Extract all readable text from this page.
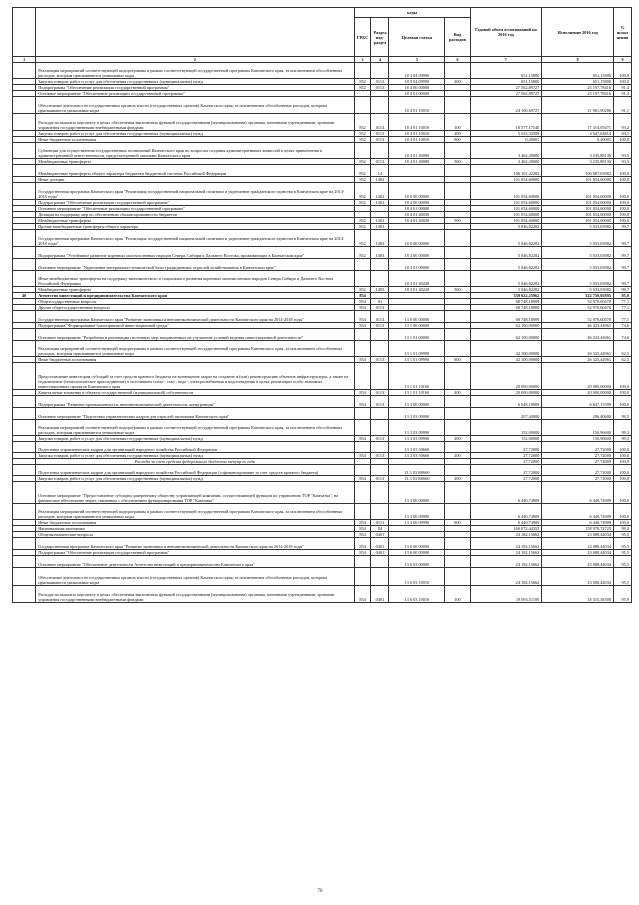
		коды				Годовой объем ассигнований на 2016 год	Исполнение 2016 год	% испол нения
		ГРБС	Раздел, под-раздел	Целевая статья	Вид расходов			
1	2	3	4	5	6	7	8	9
	Реализация мероприятий соответствующей подпрограммы в рамках соответствующей государственной программы Камчатского края, за исключением обособленных расходов, которым присваиваются уникальные коды			18 3 04 09990		651,15800	651,15800	100,0
	Закупка товаров, работ и услуг для обеспечения государственных (муниципальных) нужд	852	0113	18 3 04 09990	200	651,15800	651,15800	100,0
	Подпрограмма "Обеспечение реализации государственной программы"	852	0113	18 4 00 00000		27 562,89727	25 197,78416	91,4
	Основное мероприятие "Обеспечение реализации государственной программы"			18 4 01 00000		27 562,89727	25 197,78416	91,4
	Обеспечение деятельности государственных органов власти (государственных органов) Камчатского края, за исключением обособленных расходов, которым присваиваются уникальные коды			18 4 01 10010		24 100,69727	21 961,90286	91,1
	Расходы на выплаты персоналу в целях обеспечения выполнения функций государственными (муниципальными) органами, казенными учреждениями, органами управления государственными внебюджетными фондами	852	0113	18 4 01 10010	100	18 577,17140	17 314,05471	93,2
	Закупка товаров, работ и услуг для обеспечения государственных (муниципальных) нужд	852	0113	18 4 01 10010	200	5 523,32586	4 647,64814	84,1
	Иные бюджетные ассигнования	852	0113	18 4 01 10010	800	0,20001	0,20001	100,0
	Субвенции для осуществления государственных полномочий Камчатского края по вопросам создания административных комиссий в целях привлечения к административной ответственности, предусмотренной законами Камчатского края			18 4 01 40080		3 462,20000	3 235,88130	93,5
	Межбюджетные трансферты	852	0113	18 4 01 40080	500	3 462,20000	3 235,88130	93,5
	Межбюджетные трансферты общего характера бюджетам бюджетной системы Российской Федерации	852	14			106 101,42282	106 087,03982	100,0
	Иные дотации	852	1402			101 054,60000	101 054,60000	100,0
	Государственная программа Камчатского края "Реализация государственной национальной политики и укрепление гражданского единства в Камчатском крае на 2014-2018 годы"	852	1402	18 0 00 00000		101 054,60000	101 054,60000	100,0
	Подпрограмма "Обеспечение реализации государственной программы"	852	1402	18 4 00 00000		101 054,60000	101 054,60000	100,0
	Основное мероприятие "Обеспечение реализации государственной программы"			18 4 01 00000		101 054,60000	101 054,60000	100,0
	Дотации на поддержку мер по обеспечению сбалансированности бюджетов			18 4 01 40030		101 054,60000	101 054,60000	100,0
	Межбюджетные трансферты	852	1402	18 4 01 40030	500	101 054,60000	101 054,60000	100,0
	Прочие межбюджетные трансферты общего характера	852	1403			5 046,82282	5 033,03982	99,7
	Государственная программа Камчатского края "Реализация государственной национальной политики и укрепление гражданского единства в Камчатском крае на 2014-2018 годы"	852	1403	18 0 00 00000		5 046,82282	5 033,03982	99,7
	Подпрограмма "Устойчивое развитие коренных малочисленных народов Севера, Сибири и Дальнего Востока, проживающих в Камчатском крае"	852	1403	18 3 00 00000		5 046,82282	5 033,03982	99,7
	Основное мероприятие "Укрепление материально-технической базы традиционных отраслей хозяйствования в Камчатском крае"			18 3 01 00000		5 046,82282	5 033,03982	99,7
	Иные межбюджетные трансферты на поддержку экономического и социального развития коренных малочисленных народов Севера,Сибири и Дальнего Востока Российской Федерации			18 3 01 40220		5 046,82282	5 033,03982	99,7
	Межбюджетные трансферты	852	1403	18 3 01 40220	500	5 046,82282	5 033,03982	99,7
40	Агентство инвестиций и предпринимательства Камчатского края	854				339 622,25962	322 750,95895	95,0
	Общегосударственные вопросы	854	01			68 748,18909	52 970,60470	77,1
	Другие общегосударственные вопросы	854	0113			68 748,18909	52 970,60470	77,1
	Государственная программа Камчатского края "Развитие экономики и внешнеэкономической деятельности Камчатского края на 2014-2018 годы"	854	0113	13 0 00 00000		68 748,18909	52 970,60470	77,1
	Подпрограмма "Формирование благоприятной инвестиционной среды"	854	0113	13 1 00 00000		62 100,00000	46 323,44961	74,6
	Основное мероприятие "Разработка и реализация системных мер, направленных на улучшение условий ведения инвестиционной деятельности"			13 1 01 00000		62 100,00000	46 323,44961	74,6
	Реализация мероприятий соответствующей подпрограммы в рамках соответствующей государственной программы Камчатского края, за исключением обособленных расходов, которым присваиваются уникальные коды			13 1 01 09990		42 100,00000	26 323,44961	62,5
	Иные бюджетные ассигнования	854	0113	13 1 01 09990	800	42 100,00000	26 323,44961	62,5
	Предоставление инвесторам субсидий за счет средств краевого бюджета на возмещение затрат на создание и (или) реконструкцию объектов инфраструктуры, а также на подключение (технологическое присоединение) к источникам тепло-, газо-, водо-, электроснабжения и водоотведения в целях реализации особо значимых инвестиционных проектов Камчатского края			13 1 01 10160		20 000,00000	20 000,00000	100,0
	Капитальные вложения в объекты государственной (муниципальной) собственности	854	0113	13 1 01 10160	400	20 000,00000	20 000,00000	100,0
	Подпрограмма "Развитие промышленности, внешнеэкономической деятельности, конкуренции"	854	0113	13 3 00 00000		6 648,18909	6 647,15509	100,0
	Основное мероприятие "Подготовка управленческих кадров для отраслей экономики Камчатского края"			13 3 03 00000		207,44000	206,40600	99,5
	Реализация мероприятий соответствующей подпрограммы в рамках соответствующей государственной программы Камчатского края, за исключением обособленных расходов, которым присваиваются уникальные коды			13 3 03 09990		152,00000	150,96600	99,3
	Закупка товаров, работ и услуг для обеспечения государственных (муниципальных) нужд	854	0113	13 3 03 09990	200	152,00000	150,96600	99,3
	Подготовка управленческих кадров для организаций народного хозяйства Российской Федерации			13 3 03 50660		27,72000	27,72000	100,0
	Закупка товаров, работ и услуг для обеспечения государственных (муниципальных) нужд	854	0113	13 3 03 50660	200	27,72000	27,72000	100,0
	Расходы за счет средств федерального бюджета текущего года					27,72000	27,72000	100,0
	Подготовка управленческих кадров для организаций народного хозяйства Российской Федерации (софинансирование за счет средств краевого бюджета)			13 3 03 R0660		27,72000	27,72000	100,0
	Закупка товаров, работ и услуг для обеспечения государственных (муниципальных) нужд	854	0113	13 3 03 R0660	200	27,72000	27,72000	100,0
	Основное мероприятие "Предоставление субсидии доверенному обществу управляющей компании, осуществляющей функции по управлению ТОР "Камчатка", на финансовое обеспечение затрат, связанных с обеспечением функционирования ТОР "Камчатка"			13 3 06 00000		6 440,74909	6 440,74909	100,0
	Реализация мероприятий соответствующей подпрограммы в рамках соответствующей государственной программы Камчатского края, за исключением обособленных расходов, которым присваиваются уникальные коды			13 3 06 09990		6 440,74909	6 440,74909	100,0
	Иные бюджетные ассигнования	854	0113	13 3 06 09990	800	6 440,74909	6 440,74909	100,0
	Национальная экономика	854	04			160 072,44353	158 978,72725	99,3
	Общеэкономические вопросы	854	0401			24 182,15662	23 088,44034	95,5
	Государственная программа Камчатского края "Развитие экономики и внешнеэкономической деятельности Камчатского края на 2014-2018 годы"	854	0401	13 0 00 00000		24 182,15662	23 088,44034	95,5
	Подпрограмма "Обеспечение реализации государственной программы"	854	0401	13 6 00 00000		24 182,15662	23 088,44034	95,5
	Основное мероприятие "Обеспечение деятельности Агентства инвестиций и предпринимательства Камчатского края"			13 6 03 00000		24 182,15662	23 088,44034	95,5
	Обеспечение деятельности государственных органов власти (государственных органов) Камчатского края, за исключением обособленных расходов, которым присваиваются уникальные коды			13 6 03 10010		24 182,15662	23 088,44034	95,5
	Расходы на выплаты персоналу в целях обеспечения выполнения функций государственными (муниципальными) органами, казенными учреждениями, органами управления государственными внебюджетными фондами	854	0401	13 6 03 10010	100	19 093,51100	18 315,38300	95,9
70
